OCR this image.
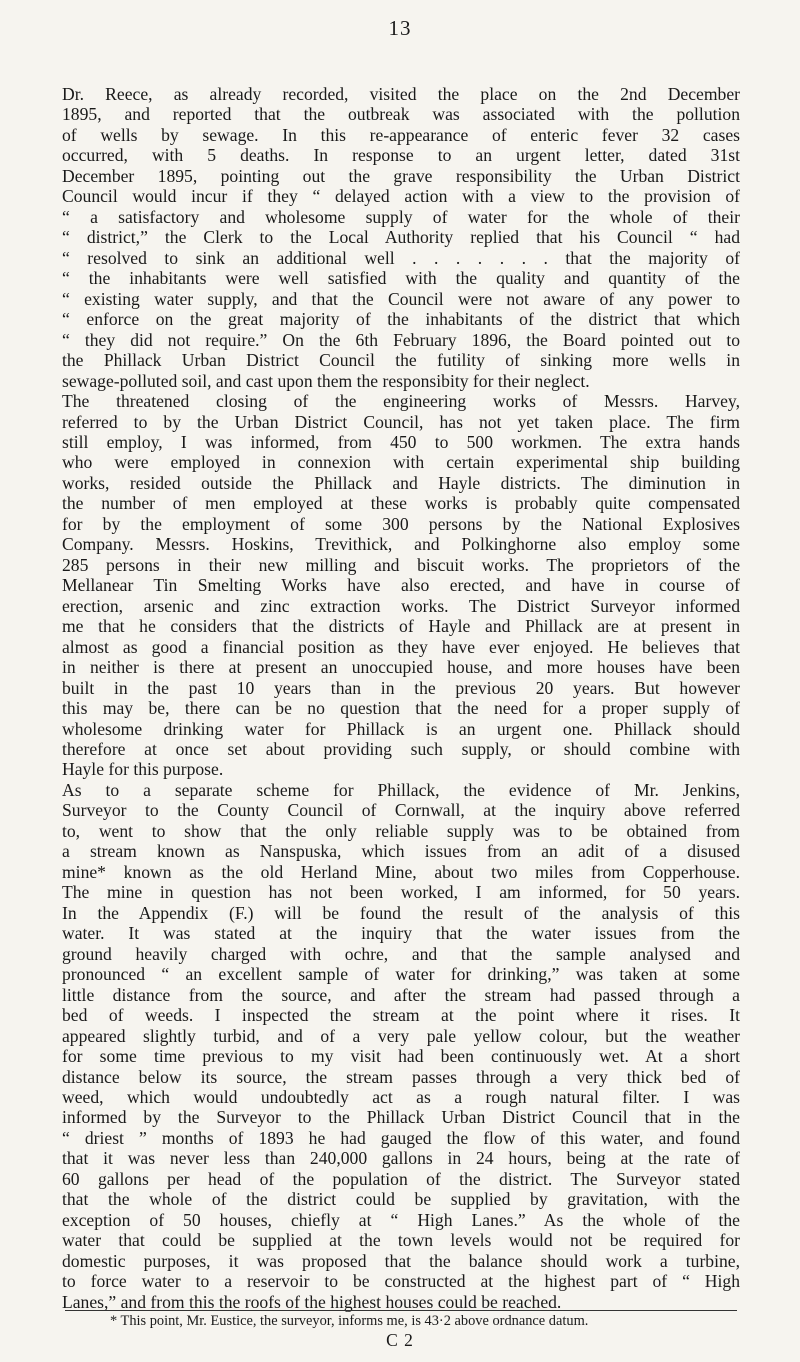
13
Dr. Reece, as already recorded, visited the place on the 2nd December
1895, and reported that the outbreak was associated with the pollution
of wells by sewage. In this re-appearance of enteric fever 32 cases
occurred, with 5 deaths. In response to an urgent letter, dated 31st
December 1895, pointing out the grave responsibility the Urban District
Council would incur if they “ delayed action with a view to the provision of
“ a satisfactory and wholesome supply of water for the whole of their
“ district,” the Clerk to the Local Authority replied that his Council “ had
“ resolved to sink an additional well . . . . . . . that the majority of
“ the inhabitants were well satisfied with the quality and quantity of the
“ existing water supply, and that the Council were not aware of any power to
“ enforce on the great majority of the inhabitants of the district that which
“ they did not require.” On the 6th February 1896, the Board pointed out to
the Phillack Urban District Council the futility of sinking more wells in
sewage-polluted soil, and cast upon them the responsibity for their neglect.
The threatened closing of the engineering works of Messrs. Harvey,
referred to by the Urban District Council, has not yet taken place. The firm
still employ, I was informed, from 450 to 500 workmen. The extra hands
who were employed in connexion with certain experimental ship building
works, resided outside the Phillack and Hayle districts. The diminution in
the number of men employed at these works is probably quite compensated
for by the employment of some 300 persons by the National Explosives
Company. Messrs. Hoskins, Trevithick, and Polkinghorne also employ some
285 persons in their new milling and biscuit works. The proprietors of the
Mellanear Tin Smelting Works have also erected, and have in course of
erection, arsenic and zinc extraction works. The District Surveyor informed
me that he considers that the districts of Hayle and Phillack are at present in
almost as good a financial position as they have ever enjoyed. He believes that
in neither is there at present an unoccupied house, and more houses have been
built in the past 10 years than in the previous 20 years. But however
this may be, there can be no question that the need for a proper supply of
wholesome drinking water for Phillack is an urgent one. Phillack should
therefore at once set about providing such supply, or should combine with
Hayle for this purpose.
As to a separate scheme for Phillack, the evidence of Mr. Jenkins,
Surveyor to the County Council of Cornwall, at the inquiry above referred
to, went to show that the only reliable supply was to be obtained from
a stream known as Nanspuska, which issues from an adit of a disused
mine* known as the old Herland Mine, about two miles from Copperhouse.
The mine in question has not been worked, I am informed, for 50 years.
In the Appendix (F.) will be found the result of the analysis of this
water. It was stated at the inquiry that the water issues from the
ground heavily charged with ochre, and that the sample analysed and
pronounced “ an excellent sample of water for drinking,” was taken at some
little distance from the source, and after the stream had passed through a
bed of weeds. I inspected the stream at the point where it rises. It
appeared slightly turbid, and of a very pale yellow colour, but the weather
for some time previous to my visit had been continuously wet. At a short
distance below its source, the stream passes through a very thick bed of
weed, which would undoubtedly act as a rough natural filter. I was
informed by the Surveyor to the Phillack Urban District Council that in the
“ driest ” months of 1893 he had gauged the flow of this water, and found
that it was never less than 240,000 gallons in 24 hours, being at the rate of
60 gallons per head of the population of the district. The Surveyor stated
that the whole of the district could be supplied by gravitation, with the
exception of 50 houses, chiefly at “ High Lanes.” As the whole of the
water that could be supplied at the town levels would not be required for
domestic purposes, it was proposed that the balance should work a turbine,
to force water to a reservoir to be constructed at the highest part of “ High
Lanes,” and from this the roofs of the highest houses could be reached.
* This point, Mr. Eustice, the surveyor, informs me, is 43·2 above ordnance datum.
C 2
